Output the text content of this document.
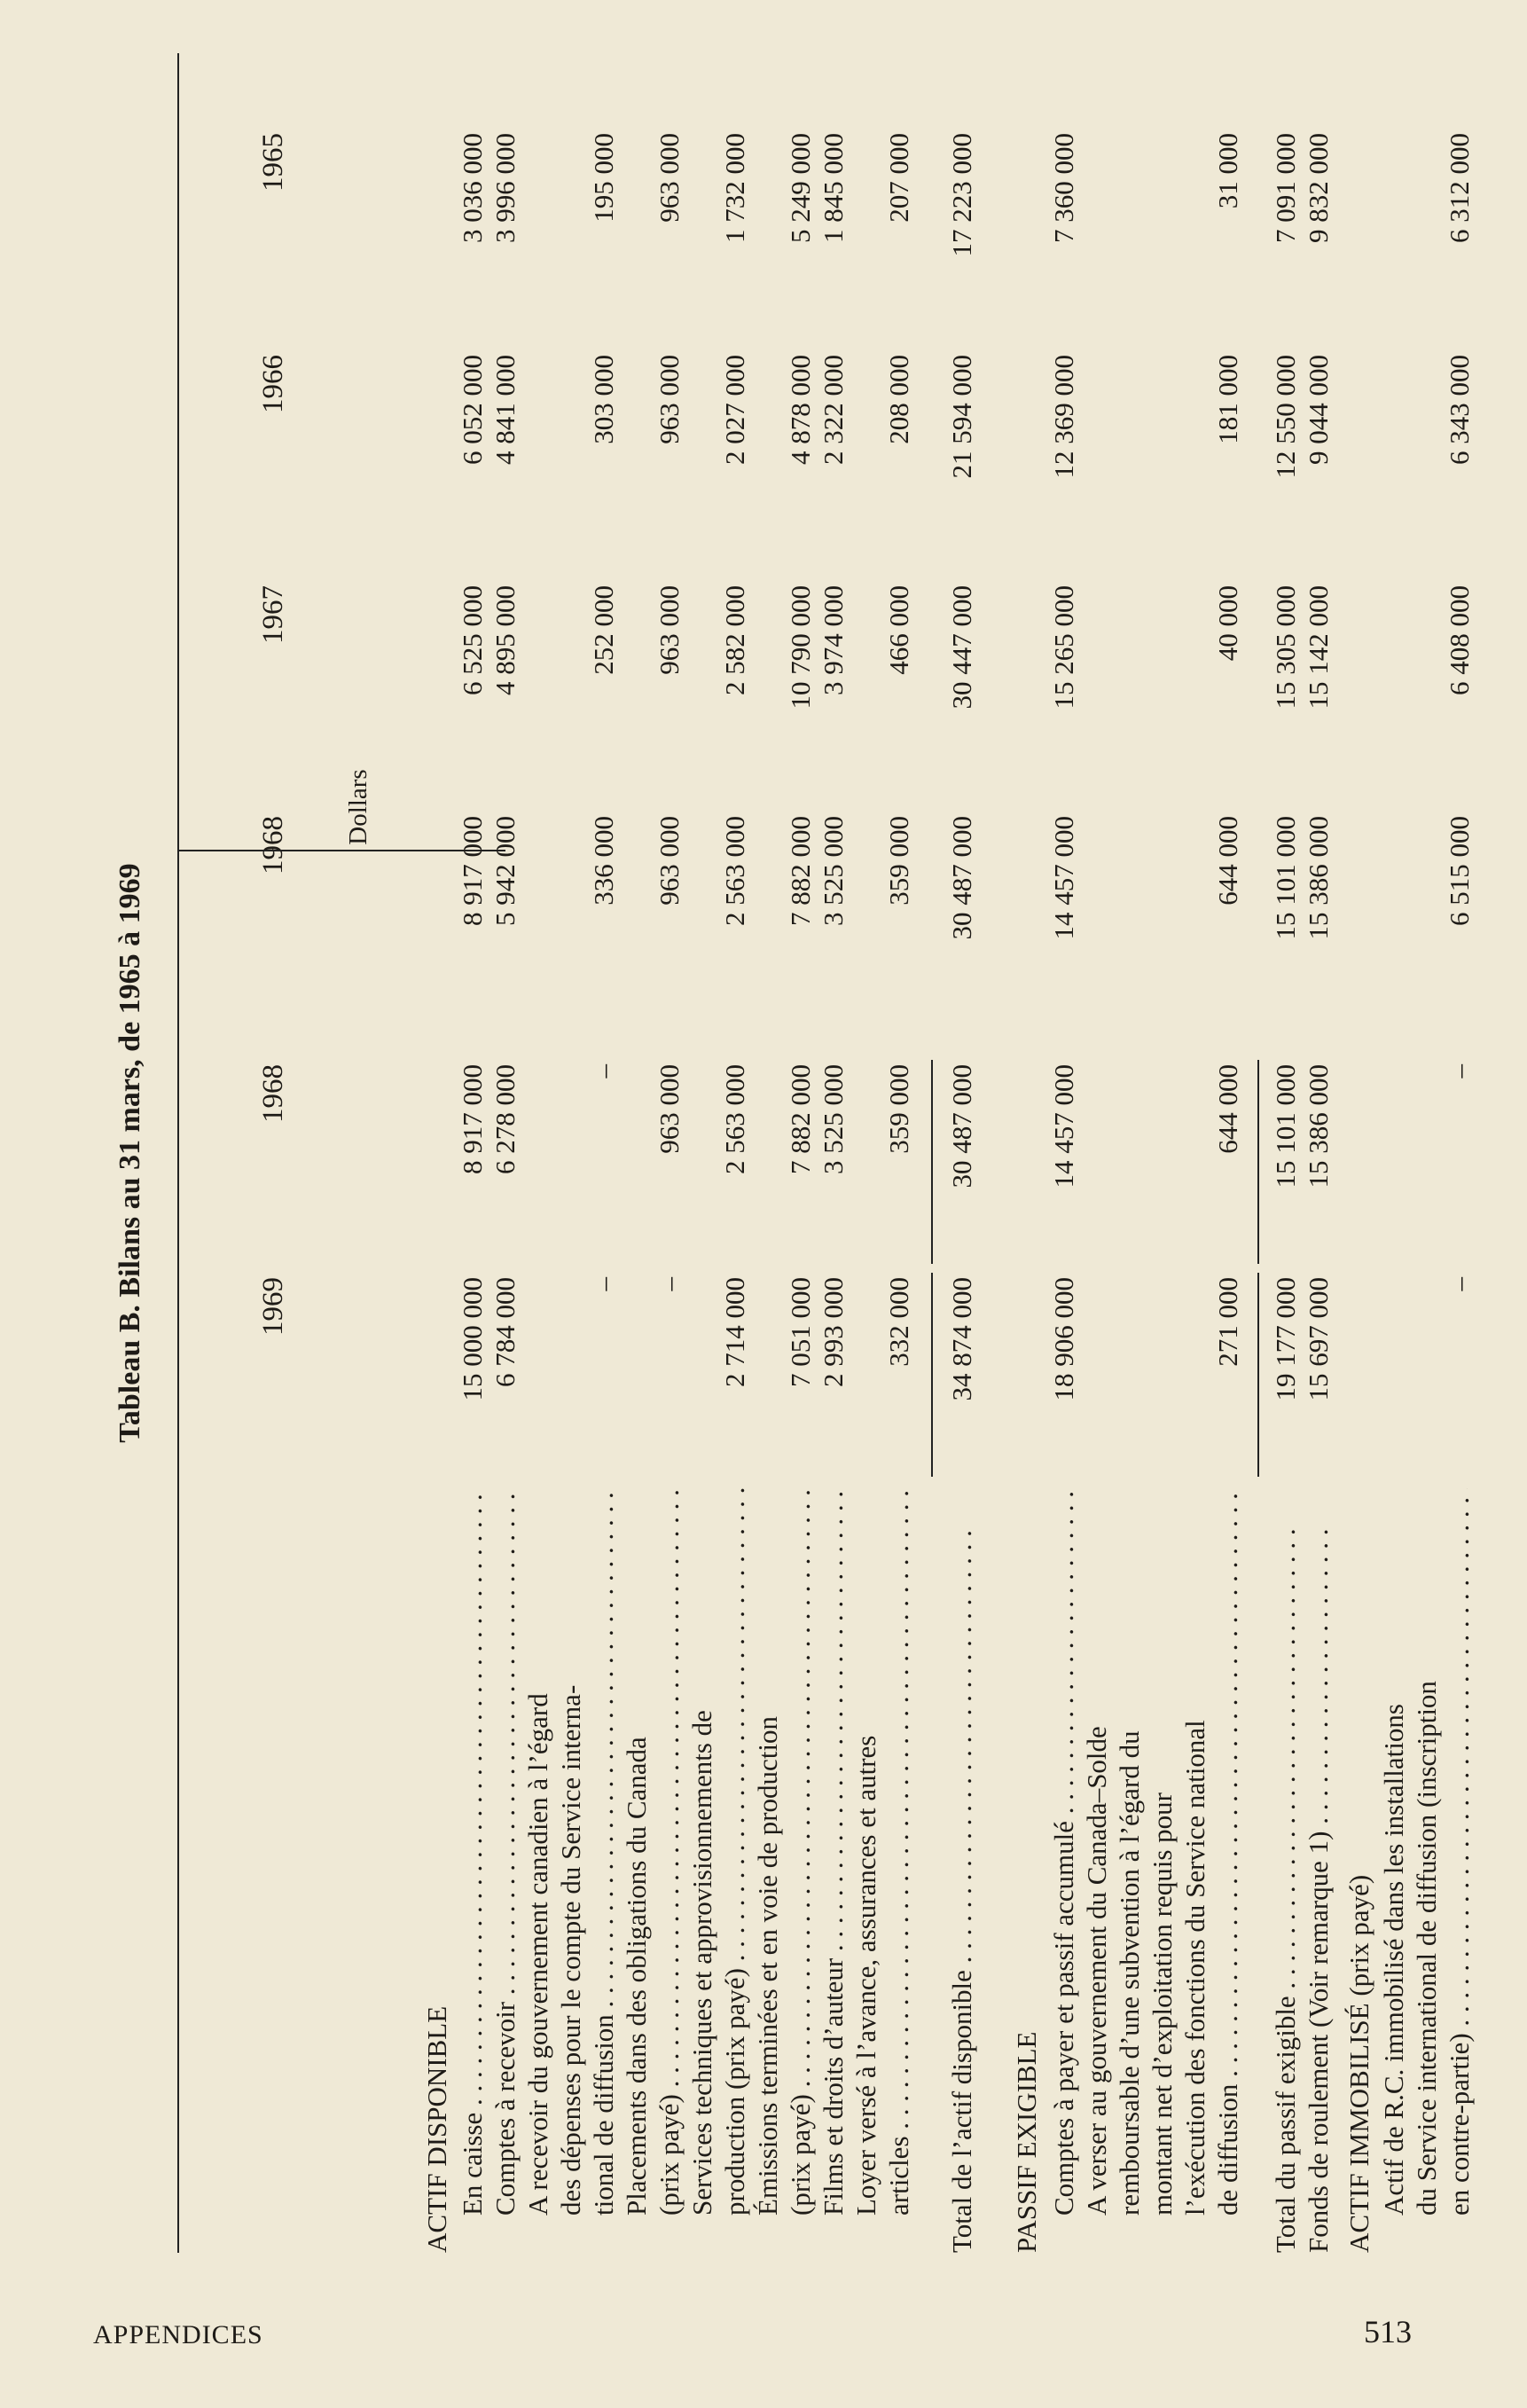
Tableau B. Bilans au 31 mars, de 1965 à 1969	1969
1968
1968
1967
1966
1965
Dollars
ACTIF DISPONIBLE En caisse . . .
15 000 000
8 917 000
8 917 000
6 525 000
6 052 000
3 036 000
Comptes à recevoir . . .
6 784 000
6 278 000
5 942 000
4 895 000
4 841 000
3 996 000
A recevoir du gouvernement canadien à l’égard des dépenses pour le compte du Service interna- tional de diffusion . . .
–
–
336 000
252 000
303 000
195 000
Placements dans des obligations du Canada (prix payé) . . .
–
963 000
963 000
963 000
963 000
963 000
Services techniques et approvisionnements de production (prix payé) . . .
2 714 000
2 563 000
2 563 000
2 582 000
2 027 000
1 732 000
Émissions terminées et en voie de production (prix payé) . . .
7 051 000
7 882 000
7 882 000
10 790 000
4 878 000
5 249 000
Films et droits d’auteur . . .
2 993 000
3 525 000
3 525 000
3 974 000
2 322 000
1 845 000
Loyer versé à l’avance, assurances et autres articles . . .
332 000
359 000
359 000
466 000
208 000
207 000
Total de l’actif disponible . . .
34 874 000
30 487 000
30 487 000
30 447 000
21 594 000
17 223 000
PASSIF EXIGIBLE Comptes à payer et passif accumulé . . .
18 906 000
14 457 000
14 457 000
15 265 000
12 369 000
7 360 000
A verser au gouvernement du Canada–Solde remboursable d’une subvention à l’égard du montant net d’exploitation requis pour l’exécution des fonctions du Service national de diffusion . . .
271 000
644 000
644 000
40 000
181 000
31 000
Total du passif exigible . . .
19 177 000
15 101 000
15 101 000
15 305 000
12 550 000
7 091 000
Fonds de roulement (Voir remarque 1) . . .
15 697 000
15 386 000
15 386 000
15 142 000
9 044 000
9 832 000
ACTIF IMMOBILISÉ (prix payé) Actif de R.C. immobilisé dans les installations du Service international de diffusion (inscription en contre-partie) . . .
–
–
6 515 000
6 408 000
6 343 000
6 312 000
APPENDICES	513
